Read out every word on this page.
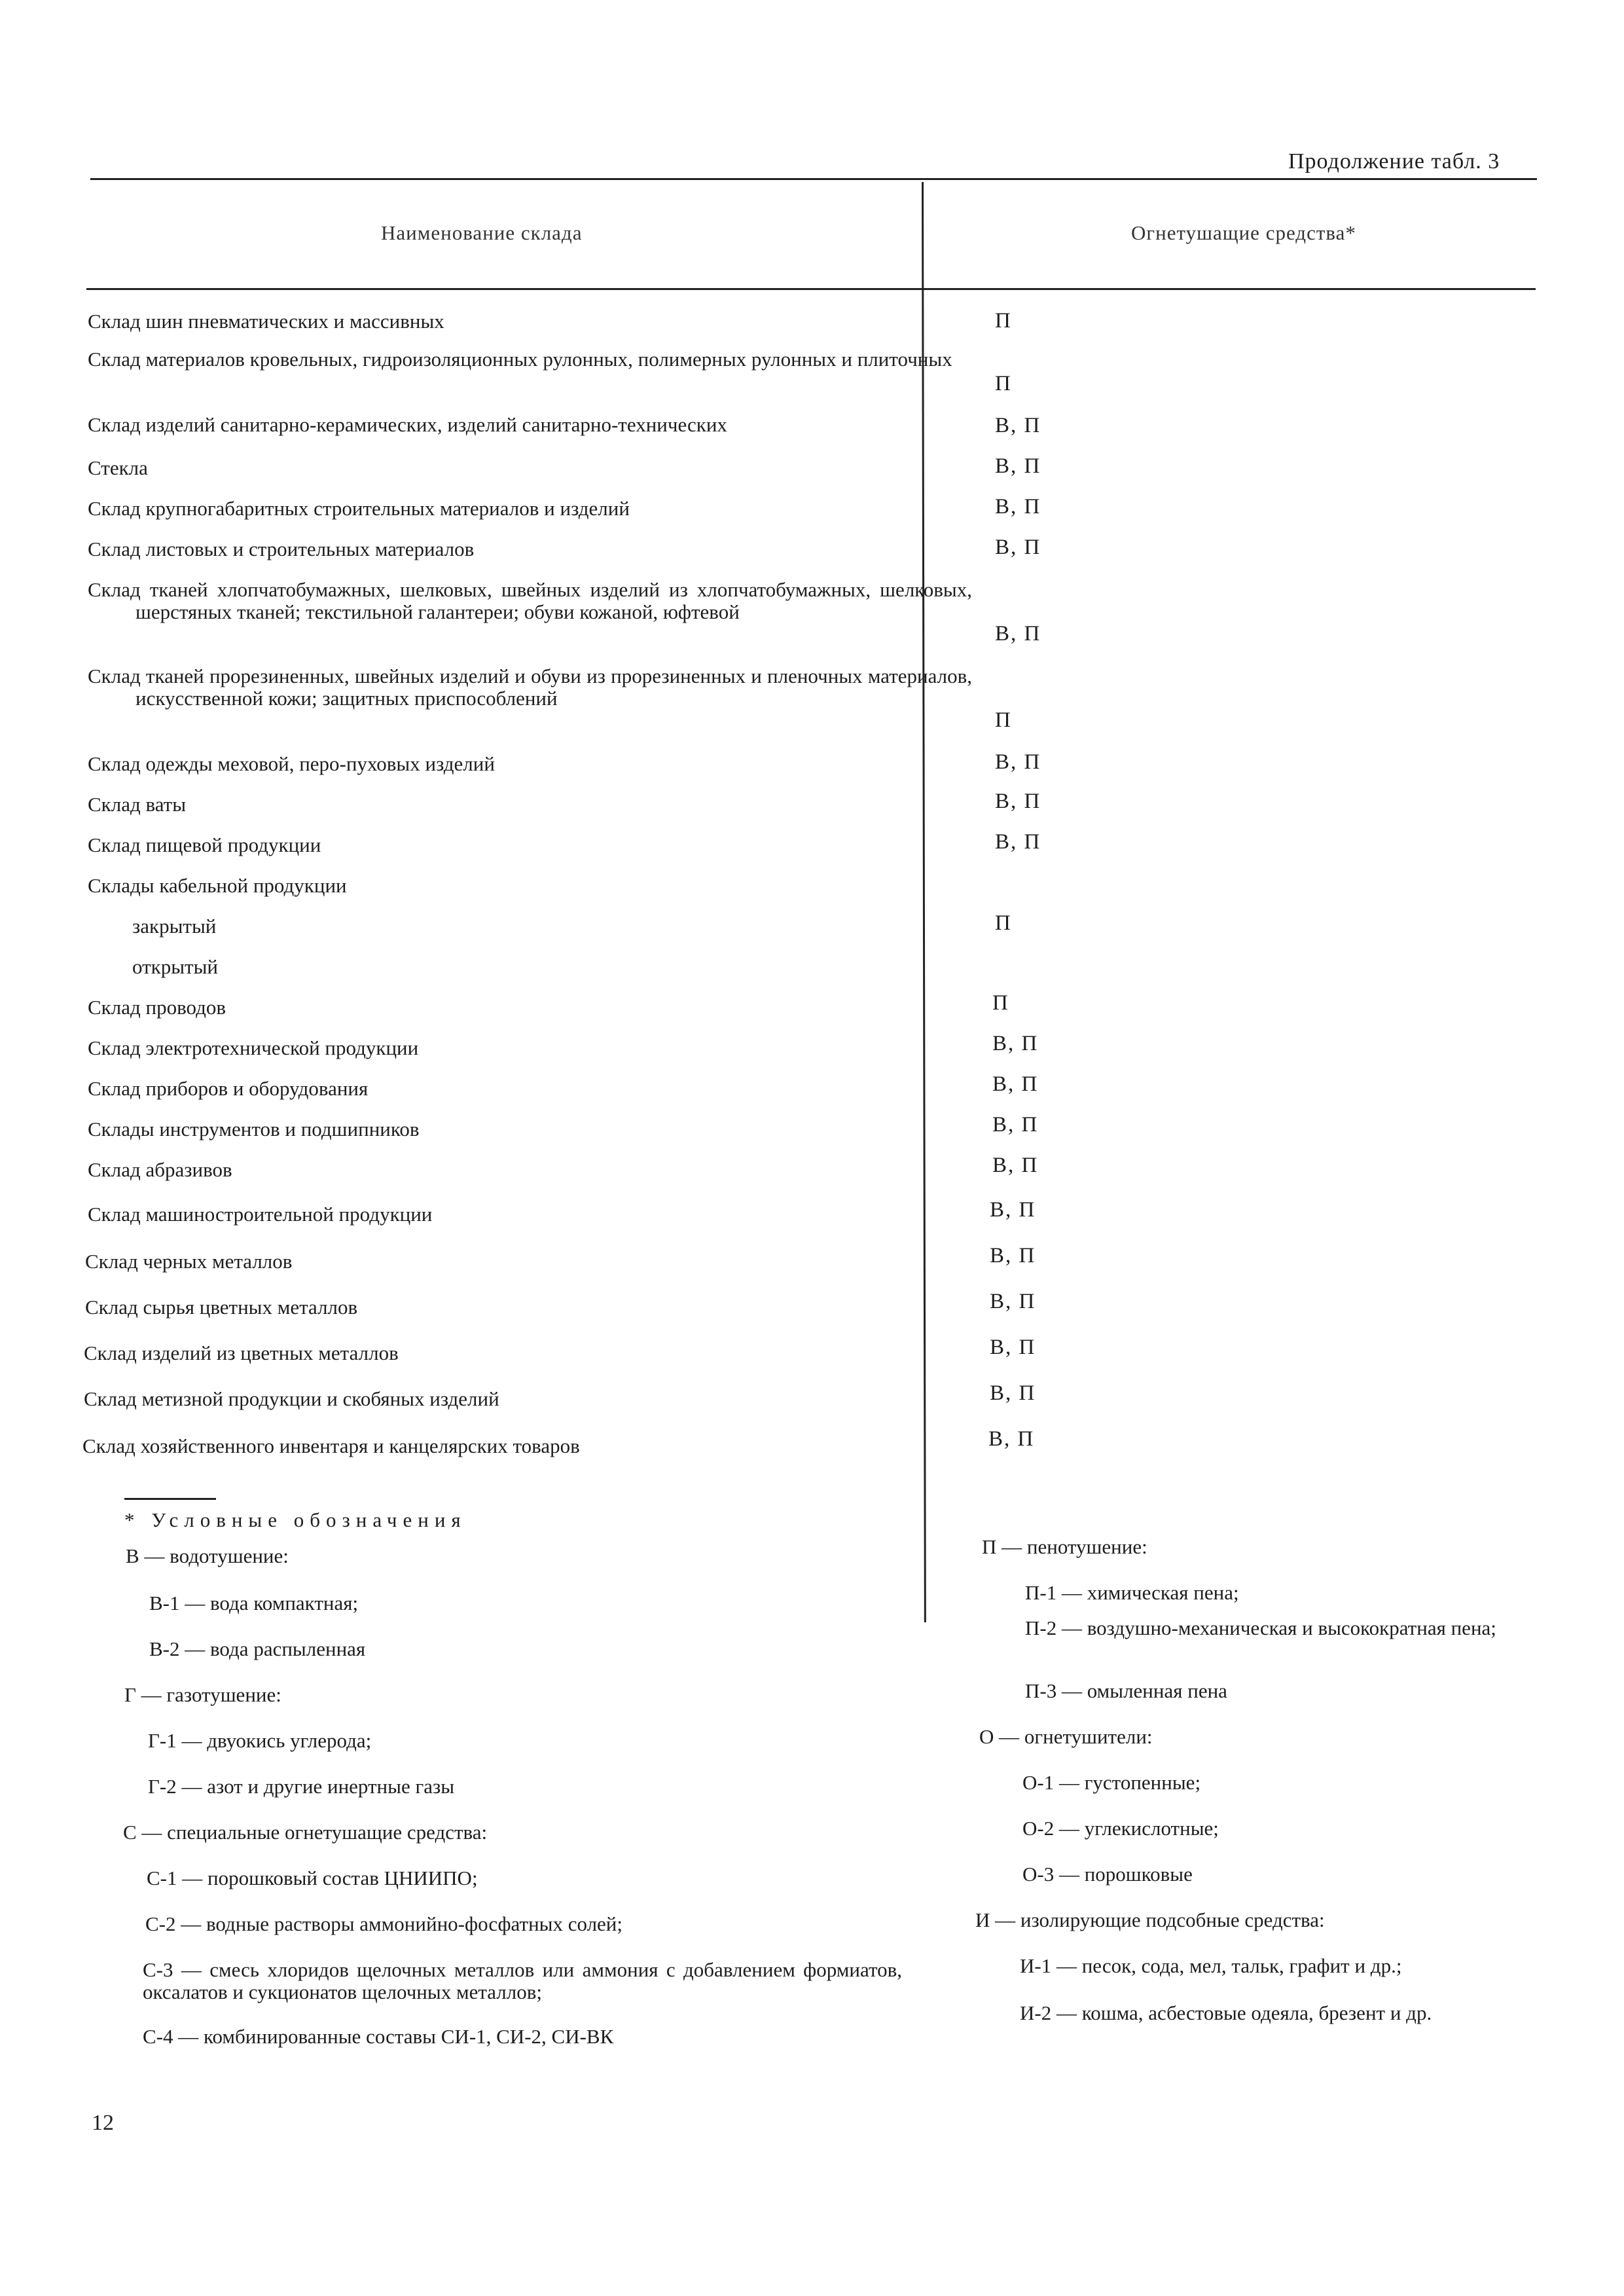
Продолжение табл. 3
Наименование склада	Огнетушащие средства*
Склад шин пневматических и массивных
Склад материалов кровельных, гидроизоляционных рулонных, полимерных рулонных и плиточных
Склад изделий санитарно-керамических, изделий санитарно-технических
Стекла
Склад крупногабаритных строительных материалов и изделий
Склад листовых и строительных материалов
Склад тканей хлопчатобумажных, шелковых, швейных изделий из хлопчатобумажных, шелковых, шерстяных тканей; текстильной галантереи; обуви кожаной, юфтевой
Склад тканей прорезиненных, швейных изделий и обуви из прорезиненных и пленочных материалов, искусственной кожи; защитных приспособлений
Склад одежды меховой, перо-пуховых изделий
Склад ваты
Склад пищевой продукции
Склады кабельной продукции
закрытый
открытый
Склад проводов
Склад электротехнической продукции
Склад приборов и оборудования
Склады инструментов и подшипников
Склад абразивов
Склад машиностроительной продукции
Склад черных металлов
Склад сырья цветных металлов
Склад изделий из цветных металлов
Склад метизной продукции и скобяных изделий
Склад хозяйственного инвентаря и канцелярских товаров
П
П
В, П
В, П
В, П
В, П
В, П
П
В, П
В, П
В, П
П
П
В, П
В, П
В, П
В, П
В, П
В, П
В, П
В, П
В, П
В, П
* Условные обозначения
В — водотушение:
В-1 — вода компактная;
В-2 — вода распыленная
Г — газотушение:
Г-1 — двуокись углерода;
Г-2 — азот и другие инертные газы
С — специальные огнетушащие средства:
С-1 — порошковый состав ЦНИИПО;
С-2 — водные растворы аммонийно-фосфатных солей;
С-3 — смесь хлоридов щелочных металлов или аммония с добавлением формиатов, оксалатов и сукционатов щелочных металлов;
С-4 — комбинированные составы СИ-1, СИ-2, СИ-ВК
П — пенотушение:
П-1 — химическая пена;
П-2 — воздушно-механическая и высокократная пена;
П-3 — омыленная пена
О — огнетушители:
О-1 — густопенные;
О-2 — углекислотные;
О-3 — порошковые
И — изолирующие подсобные средства:
И-1 — песок, сода, мел, тальк, графит и др.;
И-2 — кошма, асбестовые одеяла, брезент и др.
12
